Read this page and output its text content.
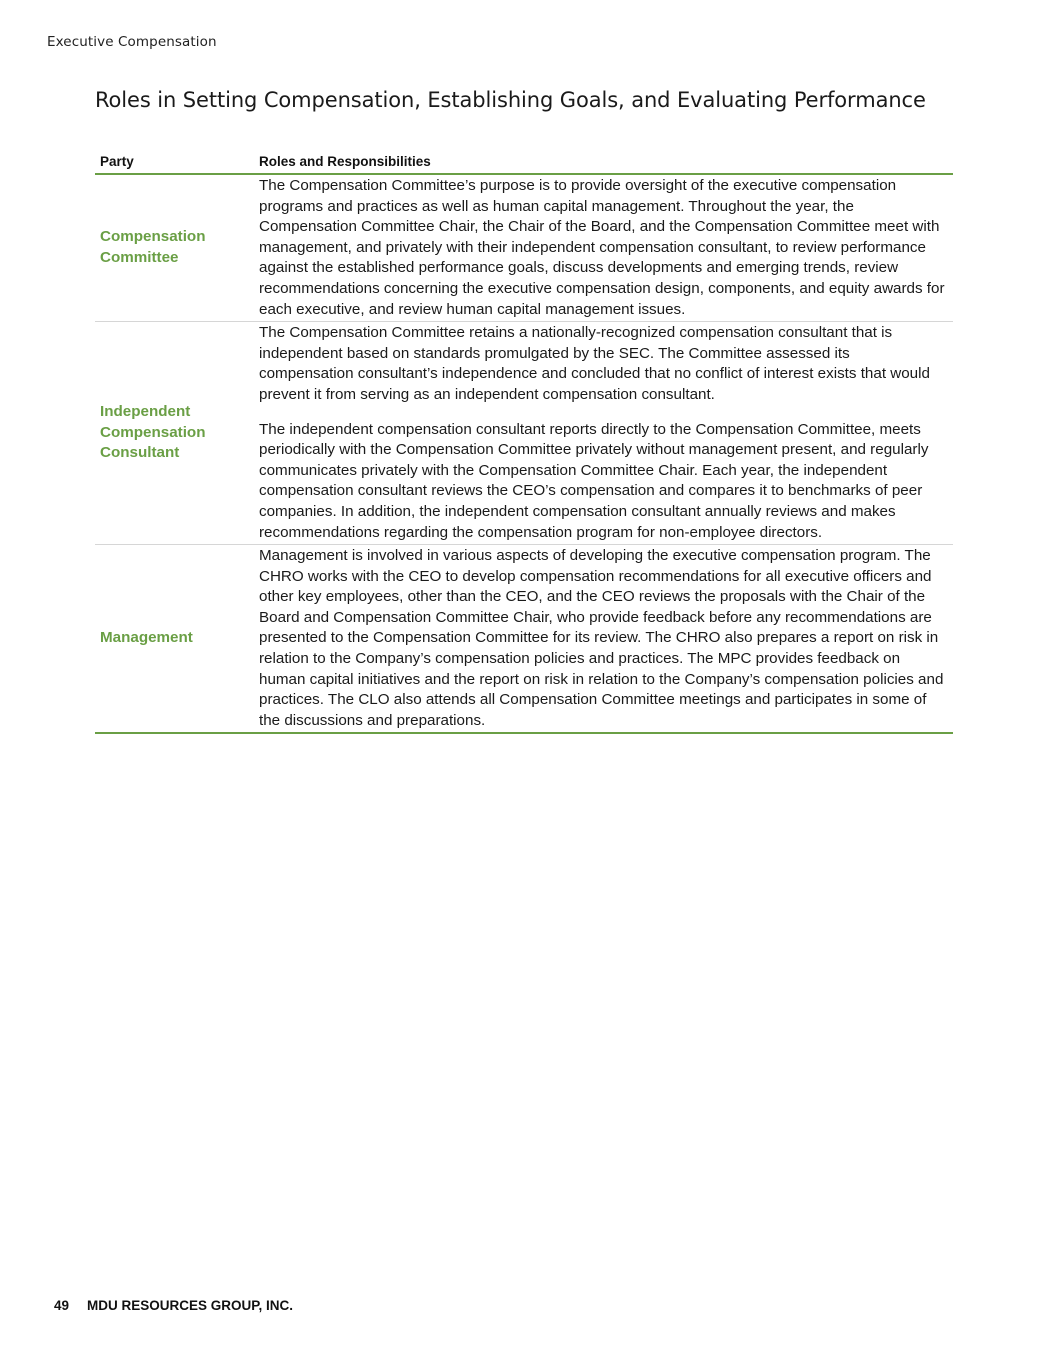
Executive Compensation
Roles in Setting Compensation, Establishing Goals, and Evaluating Performance
Party	Roles and Responsibilities
Compensation Committee	The Compensation Committee’s purpose is to provide oversight of the executive compensation programs and practices as well as human capital management. Throughout the year, the Compensation Committee Chair, the Chair of the Board, and the Compensation Committee meet with management, and privately with their independent compensation consultant, to review performance against the established performance goals, discuss developments and emerging trends, review recommendations concerning the executive compensation design, components, and equity awards for each executive, and review human capital management issues.

Independent Compensation Consultant	The Compensation Committee retains a nationally-recognized compensation consultant that is independent based on standards promulgated by the SEC. The Committee assessed its compensation consultant’s independence and concluded that no conflict of interest exists that would prevent it from serving as an independent compensation consultant.

The independent compensation consultant reports directly to the Compensation Committee, meets periodically with the Compensation Committee privately without management present, and regularly communicates privately with the Compensation Committee Chair. Each year, the independent compensation consultant reviews the CEO’s compensation and compares it to benchmarks of peer companies. In addition, the independent compensation consultant annually reviews and makes recommendations regarding the compensation program for non-employee directors.

Management	Management is involved in various aspects of developing the executive compensation program. The CHRO works with the CEO to develop compensation recommendations for all executive officers and other key employees, other than the CEO, and the CEO reviews the proposals with the Chair of the Board and Compensation Committee Chair, who provide feedback before any recommendations are presented to the Compensation Committee for its review. The CHRO also prepares a report on risk in relation to the Company’s compensation policies and practices. The MPC provides feedback on human capital initiatives and the report on risk in relation to the Company’s compensation policies and practices. The CLO also attends all Compensation Committee meetings and participates in some of the discussions and preparations.

49 MDU RESOURCES GROUP, INC.
